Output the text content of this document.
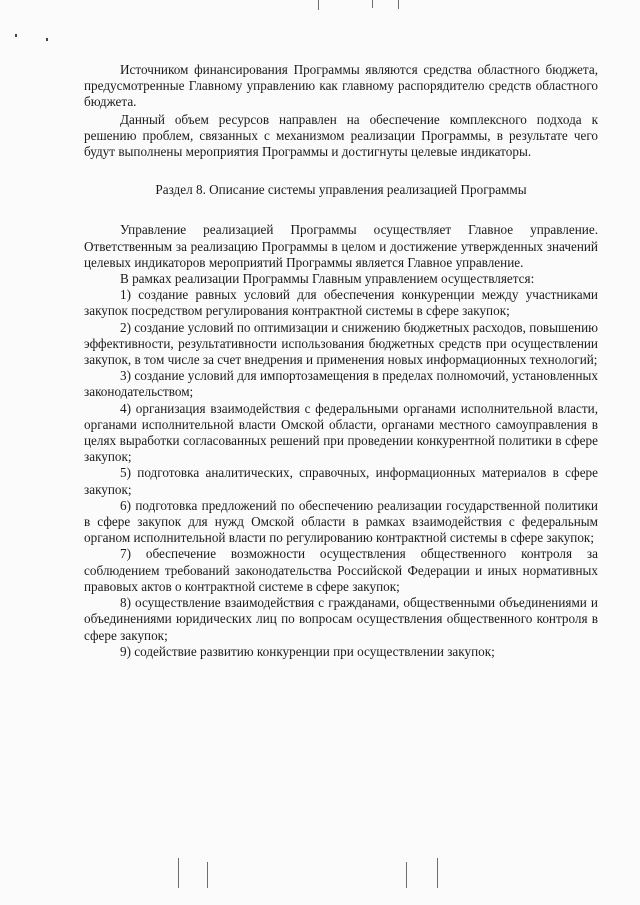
Источником финансирования Программы являются средства областного бюджета, предусмотренные Главному управлению как главному распорядителю средств областного бюджета.

Данный объем ресурсов направлен на обеспечение комплексного подхода к решению проблем, связанных с механизмом реализации Программы, в результате чего будут выполнены мероприятия Программы и достигнуты целевые индикаторы.

Раздел 8. Описание системы управления реализацией Программы

Управление реализацией Программы осуществляет Главное управление. Ответственным за реализацию Программы в целом и достижение утвержденных значений целевых индикаторов мероприятий Программы является Главное управление.

В рамках реализации Программы Главным управлением осуществляется:

1) создание равных условий для обеспечения конкуренции между участниками закупок посредством регулирования контрактной системы в сфере закупок;

2) создание условий по оптимизации и снижению бюджетных расходов, повышению эффективности, результативности использования бюджетных средств при осуществлении закупок, в том числе за счет внедрения и применения новых информационных технологий;

3) создание условий для импортозамещения в пределах полномочий, установленных законодательством;

4) организация взаимодействия с федеральными органами исполнительной власти, органами исполнительной власти Омской области, органами местного самоуправления в целях выработки согласованных решений при проведении конкурентной политики в сфере закупок;

5) подготовка аналитических, справочных, информационных материалов в сфере закупок;

6) подготовка предложений по обеспечению реализации государственной политики в сфере закупок для нужд Омской области в рамках взаимодействия с федеральным органом исполнительной власти по регулированию контрактной системы в сфере закупок;

7) обеспечение возможности осуществления общественного контроля за соблюдением требований законодательства Российской Федерации и иных нормативных правовых актов о контрактной системе в сфере закупок;

8) осуществление взаимодействия с гражданами, общественными объединениями и объединениями юридических лиц по вопросам осуществления общественного контроля в сфере закупок;

9) содействие развитию конкуренции при осуществлении закупок;
